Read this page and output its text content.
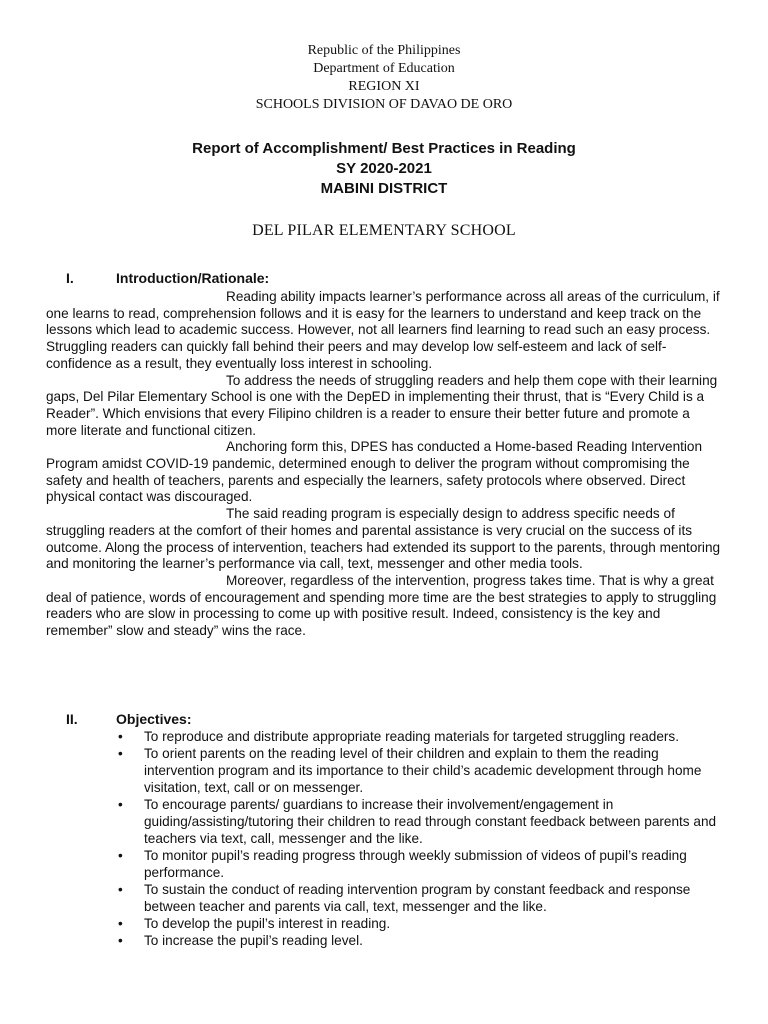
Republic of the Philippines
Department of Education
REGION XI
SCHOOLS DIVISION OF DAVAO DE ORO
Report of Accomplishment/ Best Practices in Reading
SY 2020-2021
MABINI DISTRICT
DEL PILAR ELEMENTARY SCHOOL
I.	Introduction/Rationale:

Reading ability impacts learner’s performance across all areas of the curriculum, if one learns to read, comprehension follows and it is easy for the learners to understand and keep track on the lessons which lead to academic success. However, not all learners find learning to read such an easy process. Struggling readers can quickly fall behind their peers and may develop low self-esteem and lack of self-confidence as a result, they eventually loss interest in schooling.

To address the needs of struggling readers and help them cope with their learning gaps, Del Pilar Elementary School is one with the DepED in implementing their thrust, that is “Every Child is a Reader”. Which envisions that every Filipino children is a reader to ensure their better future and promote a more literate and functional citizen.

Anchoring form this, DPES has conducted a Home-based Reading Intervention Program amidst COVID-19 pandemic, determined enough to deliver the program without compromising the safety and health of teachers, parents and especially the learners, safety protocols where observed. Direct physical contact was discouraged.

The said reading program is especially design to address specific needs of struggling readers at the comfort of their homes and parental assistance is very crucial on the success of its outcome. Along the process of intervention, teachers had extended its support to the parents, through mentoring and monitoring the learner’s performance via call, text, messenger and other media tools.

Moreover, regardless of the intervention, progress takes time. That is why a great deal of patience, words of encouragement and spending more time are the best strategies to apply to struggling readers who are slow in processing to come up with positive result. Indeed, consistency is the key and remember” slow and steady” wins the race.

II.	Objectives:
• To reproduce and distribute appropriate reading materials for targeted struggling readers.
• To orient parents on the reading level of their children and explain to them the reading intervention program and its importance to their child’s academic development through home visitation, text, call or on messenger.
• To encourage parents/ guardians to increase their involvement/engagement in guiding/assisting/tutoring their children to read through constant feedback between parents and teachers via text, call, messenger and the like.
• To monitor pupil’s reading progress through weekly submission of videos of pupil’s reading performance.
• To sustain the conduct of reading intervention program by constant feedback and response between teacher and parents via call, text, messenger and the like.
• To develop the pupil’s interest in reading.
• To increase the pupil’s reading level.
